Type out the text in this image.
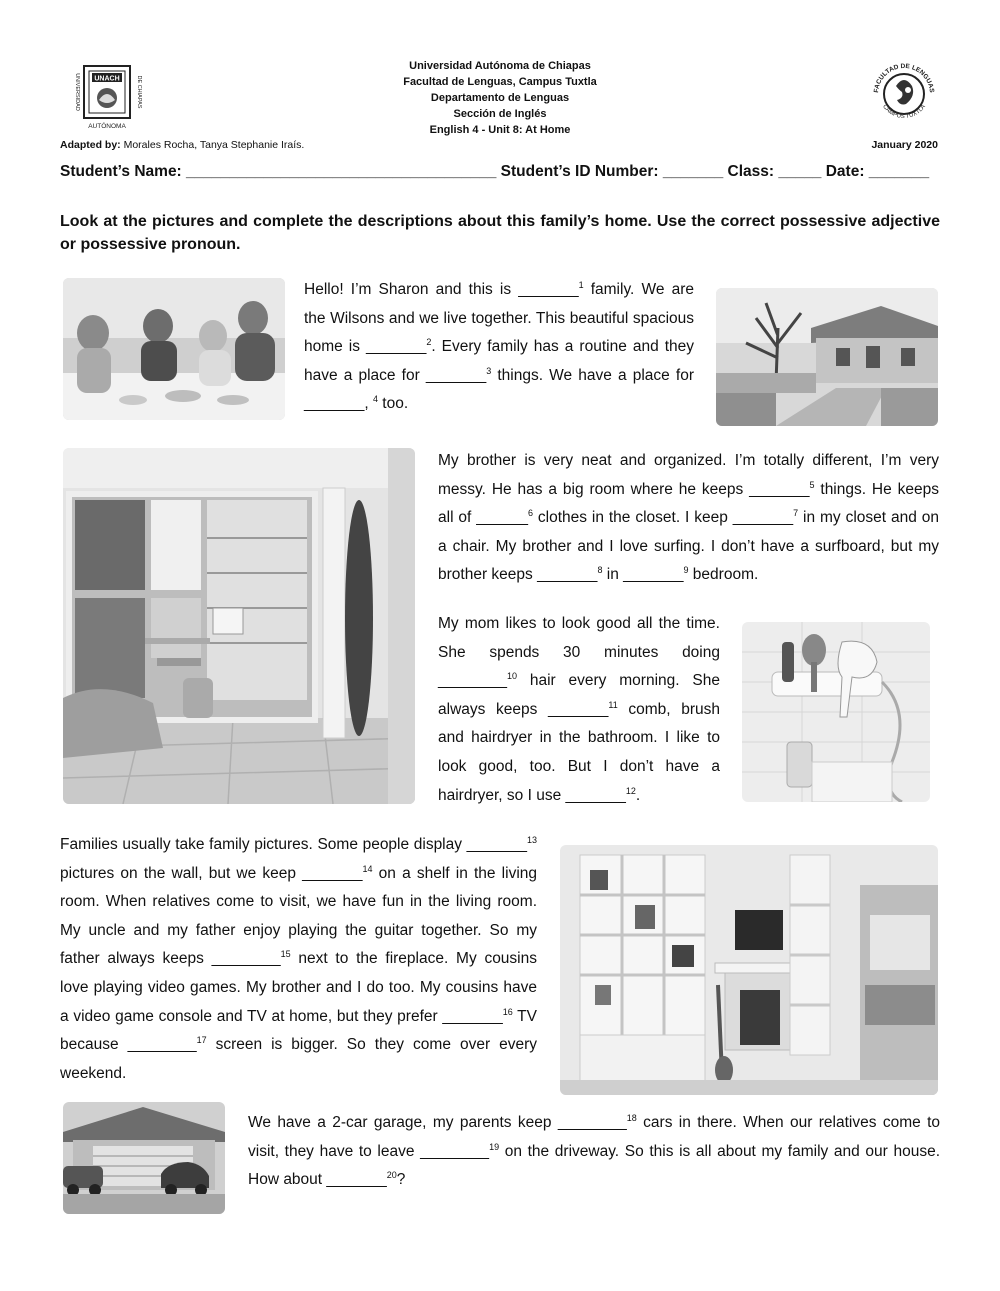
UNACH
AUTÓNOMA
UNIVERSIDAD	DE CHIAPAS
Universidad Autónoma de Chiapas
Facultad de Lenguas, Campus Tuxtla
Departamento de Lenguas
Sección de Inglés
English 4 - Unit 8: At Home
FACULTAD DE LENGUAS
CAMPUS TUXTLA
Adapted by: Morales Rocha, Tanya Stephanie Iraís.	January 2020
Student’s Name: ____________________________________ Student’s ID Number: _______ Class: _____ Date: _______
Look at the pictures and complete the descriptions about this family’s home. Use the correct possessive adjective or possessive pronoun.
Hello! I’m Sharon and this is _______$^1$ family. We are the Wilsons and we live together. This beautiful spacious home is _______$^2$. Every family has a routine and they have a place for _______$^3$ things. We have a place for _______, $^4$ too.
My brother is very neat and organized. I’m totally different, I’m very messy. He has a big room where he keeps _______$^5$ things. He keeps all of ______$^6$ clothes in the closet. I keep _______$^7$ in my closet and on a chair. My brother and I love surfing. I don’t have a surfboard, but my brother keeps _______$^8$ in _______$^9$ bedroom.
My mom likes to look good all the time. She spends 30 minutes doing ________$^{10}$ hair every morning. She always keeps _______$^{11}$ comb, brush and hairdryer in the bathroom. I like to look good, too. But I don’t have a hairdryer, so I use _______$^{12}$.
Families usually take family pictures. Some people display _______$^{13}$ pictures on the wall, but we keep _______$^{14}$ on a shelf in the living room. When relatives come to visit, we have fun in the living room. My uncle and my father enjoy playing the guitar together. So my father always keeps ________$^{15}$ next to the fireplace. My cousins love playing video games. My brother and I do too. My cousins have a video game console and TV at home, but they prefer _______$^{16}$ TV because ________$^{17}$ screen is bigger. So they come over every weekend.
We have a 2-car garage, my parents keep ________$^{18}$ cars in there. When our relatives come to visit, they have to leave ________$^{19}$ on the driveway. So this is all about my family and our house. How about _______$^{20}$?
